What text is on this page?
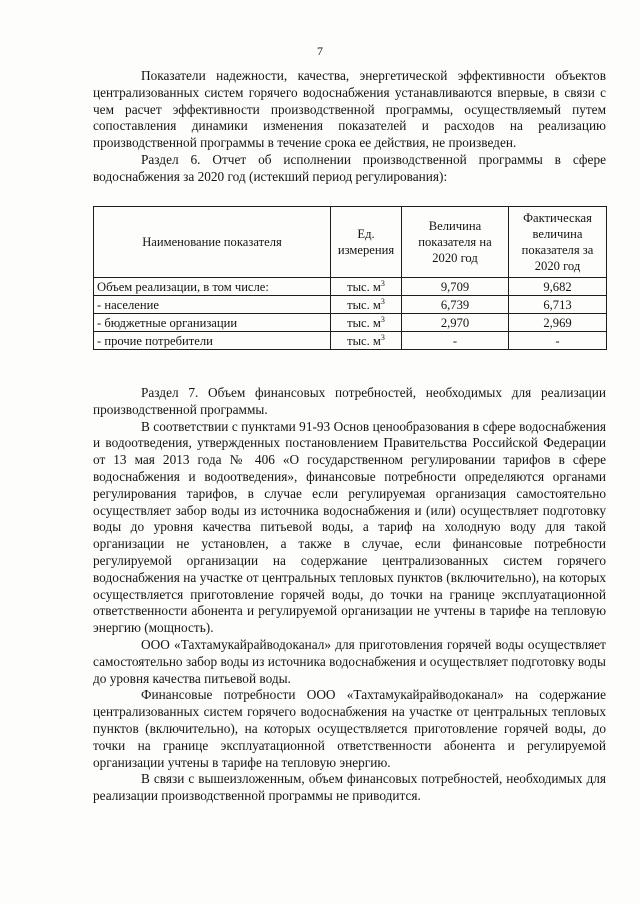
7

Показатели надежности, качества, энергетической эффективности объектов централизованных систем горячего водоснабжения устанавливаются впервые, в связи с чем расчет эффективности производственной программы, осуществляемый путем сопоставления динамики изменения показателей и расходов на реализацию производственной программы в течение срока ее действия, не произведен.

Раздел 6. Отчет об исполнении производственной программы в сфере водоснабжения за 2020 год (истекший период регулирования):

Наименование показателя	Ед. измерения	Величина показателя на 2020 год	Фактическая величина показателя за 2020 год
Объем реализации, в том числе:	тыс. $м^3$	9,709	9,682
- население	тыс. $м^3$	6,739	6,713
- бюджетные организации	тыс. $м^3$	2,970	2,969
- прочие потребители	тыс. $м^3$	-	-

Раздел 7. Объем финансовых потребностей, необходимых для реализации производственной программы.

В соответствии с пунктами 91-93 Основ ценообразования в сфере водоснабжения и водоотведения, утвержденных постановлением Правительства Российской Федерации от 13 мая 2013 года № 406 «О государственном регулировании тарифов в сфере водоснабжения и водоотведения», финансовые потребности определяются органами регулирования тарифов, в случае если регулируемая организация самостоятельно осуществляет забор воды из источника водоснабжения и (или) осуществляет подготовку воды до уровня качества питьевой воды, а тариф на холодную воду для такой организации не установлен, а также в случае, если финансовые потребности регулируемой организации на содержание централизованных систем горячего водоснабжения на участке от центральных тепловых пунктов (включительно), на которых осуществляется приготовление горячей воды, до точки на границе эксплуатационной ответственности абонента и регулируемой организации не учтены в тарифе на тепловую энергию (мощность).

ООО «Тахтамукайрайводоканал» для приготовления горячей воды осуществляет самостоятельно забор воды из источника водоснабжения и осуществляет подготовку воды до уровня качества питьевой воды.

Финансовые потребности ООО «Тахтамукайрайводоканал» на содержание централизованных систем горячего водоснабжения на участке от центральных тепловых пунктов (включительно), на которых осуществляется приготовление горячей воды, до точки на границе эксплуатационной ответственности абонента и регулируемой организации учтены в тарифе на тепловую энергию.

В связи с вышеизложенным, объем финансовых потребностей, необходимых для реализации производственной программы не приводится.
